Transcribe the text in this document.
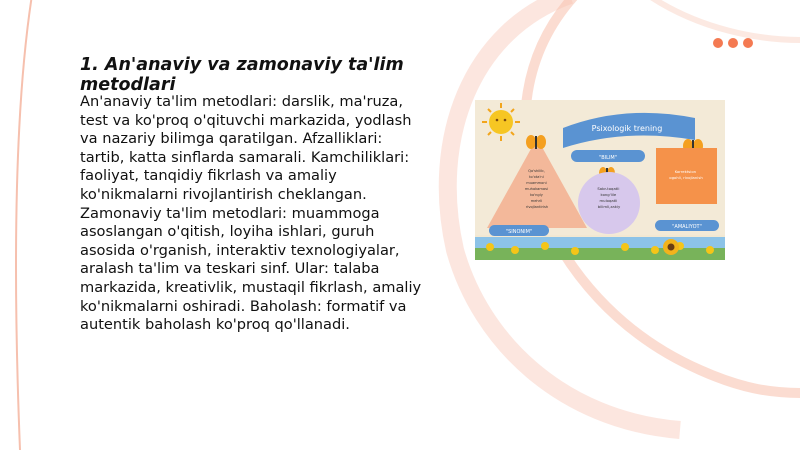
1. An'anaviy va zamonaviy ta'lim metodlari

An'anaviy ta'lim metodlari: darslik, ma'ruza, test va ko'proq o'qituvchi markazida, yodlash va nazariy bilimga qaratilgan. Afzalliklari: tartib, katta sinflarda samarali. Kamchiliklari: faoliyat, tanqidiy fikrlash va amaliy ko'nikmalarni rivojlantirish cheklangan. Zamonaviy ta'lim metodlari: muammoga asoslangan o'qitish, loyiha ishlari, guruh asosida o'rganish, interaktiv texnologiyalar, aralash ta'lim va teskari sinf. Ular: talaba markazida, kreativlik, mustaqil fikrlash, amaliy ko'nikmalarni oshiradi. Baholash: formatif va autentik baholash ko'proq qo'llanadi.

Psixologik trening
Qo'shilib, to'xta'ni muammoni muhokamasi ko'ngly mehrli rivojlantirish
"BILIM"
Sabr-toqatli kong'lile muloqatli bilimli,zakiy
Korrektsion ogohli, rivojlanish
"SINONIM"
"AMALIYOT"
